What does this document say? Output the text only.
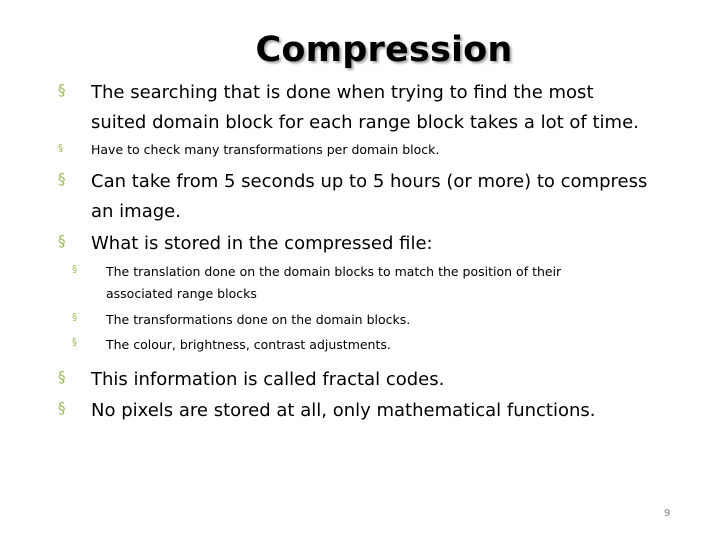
Compression
§ The searching that is done when trying to find the most
suited domain block for each range block takes a lot of time.
§ Have to check many transformations per domain block.
§ Can take from 5 seconds up to 5 hours (or more) to compress
an image.
§ What is stored in the compressed file:
§ The translation done on the domain blocks to match the position of their
associated range blocks
§ The transformations done on the domain blocks.
§ The colour, brightness, contrast adjustments.
§ This information is called fractal codes.
§ No pixels are stored at all, only mathematical functions.
9
